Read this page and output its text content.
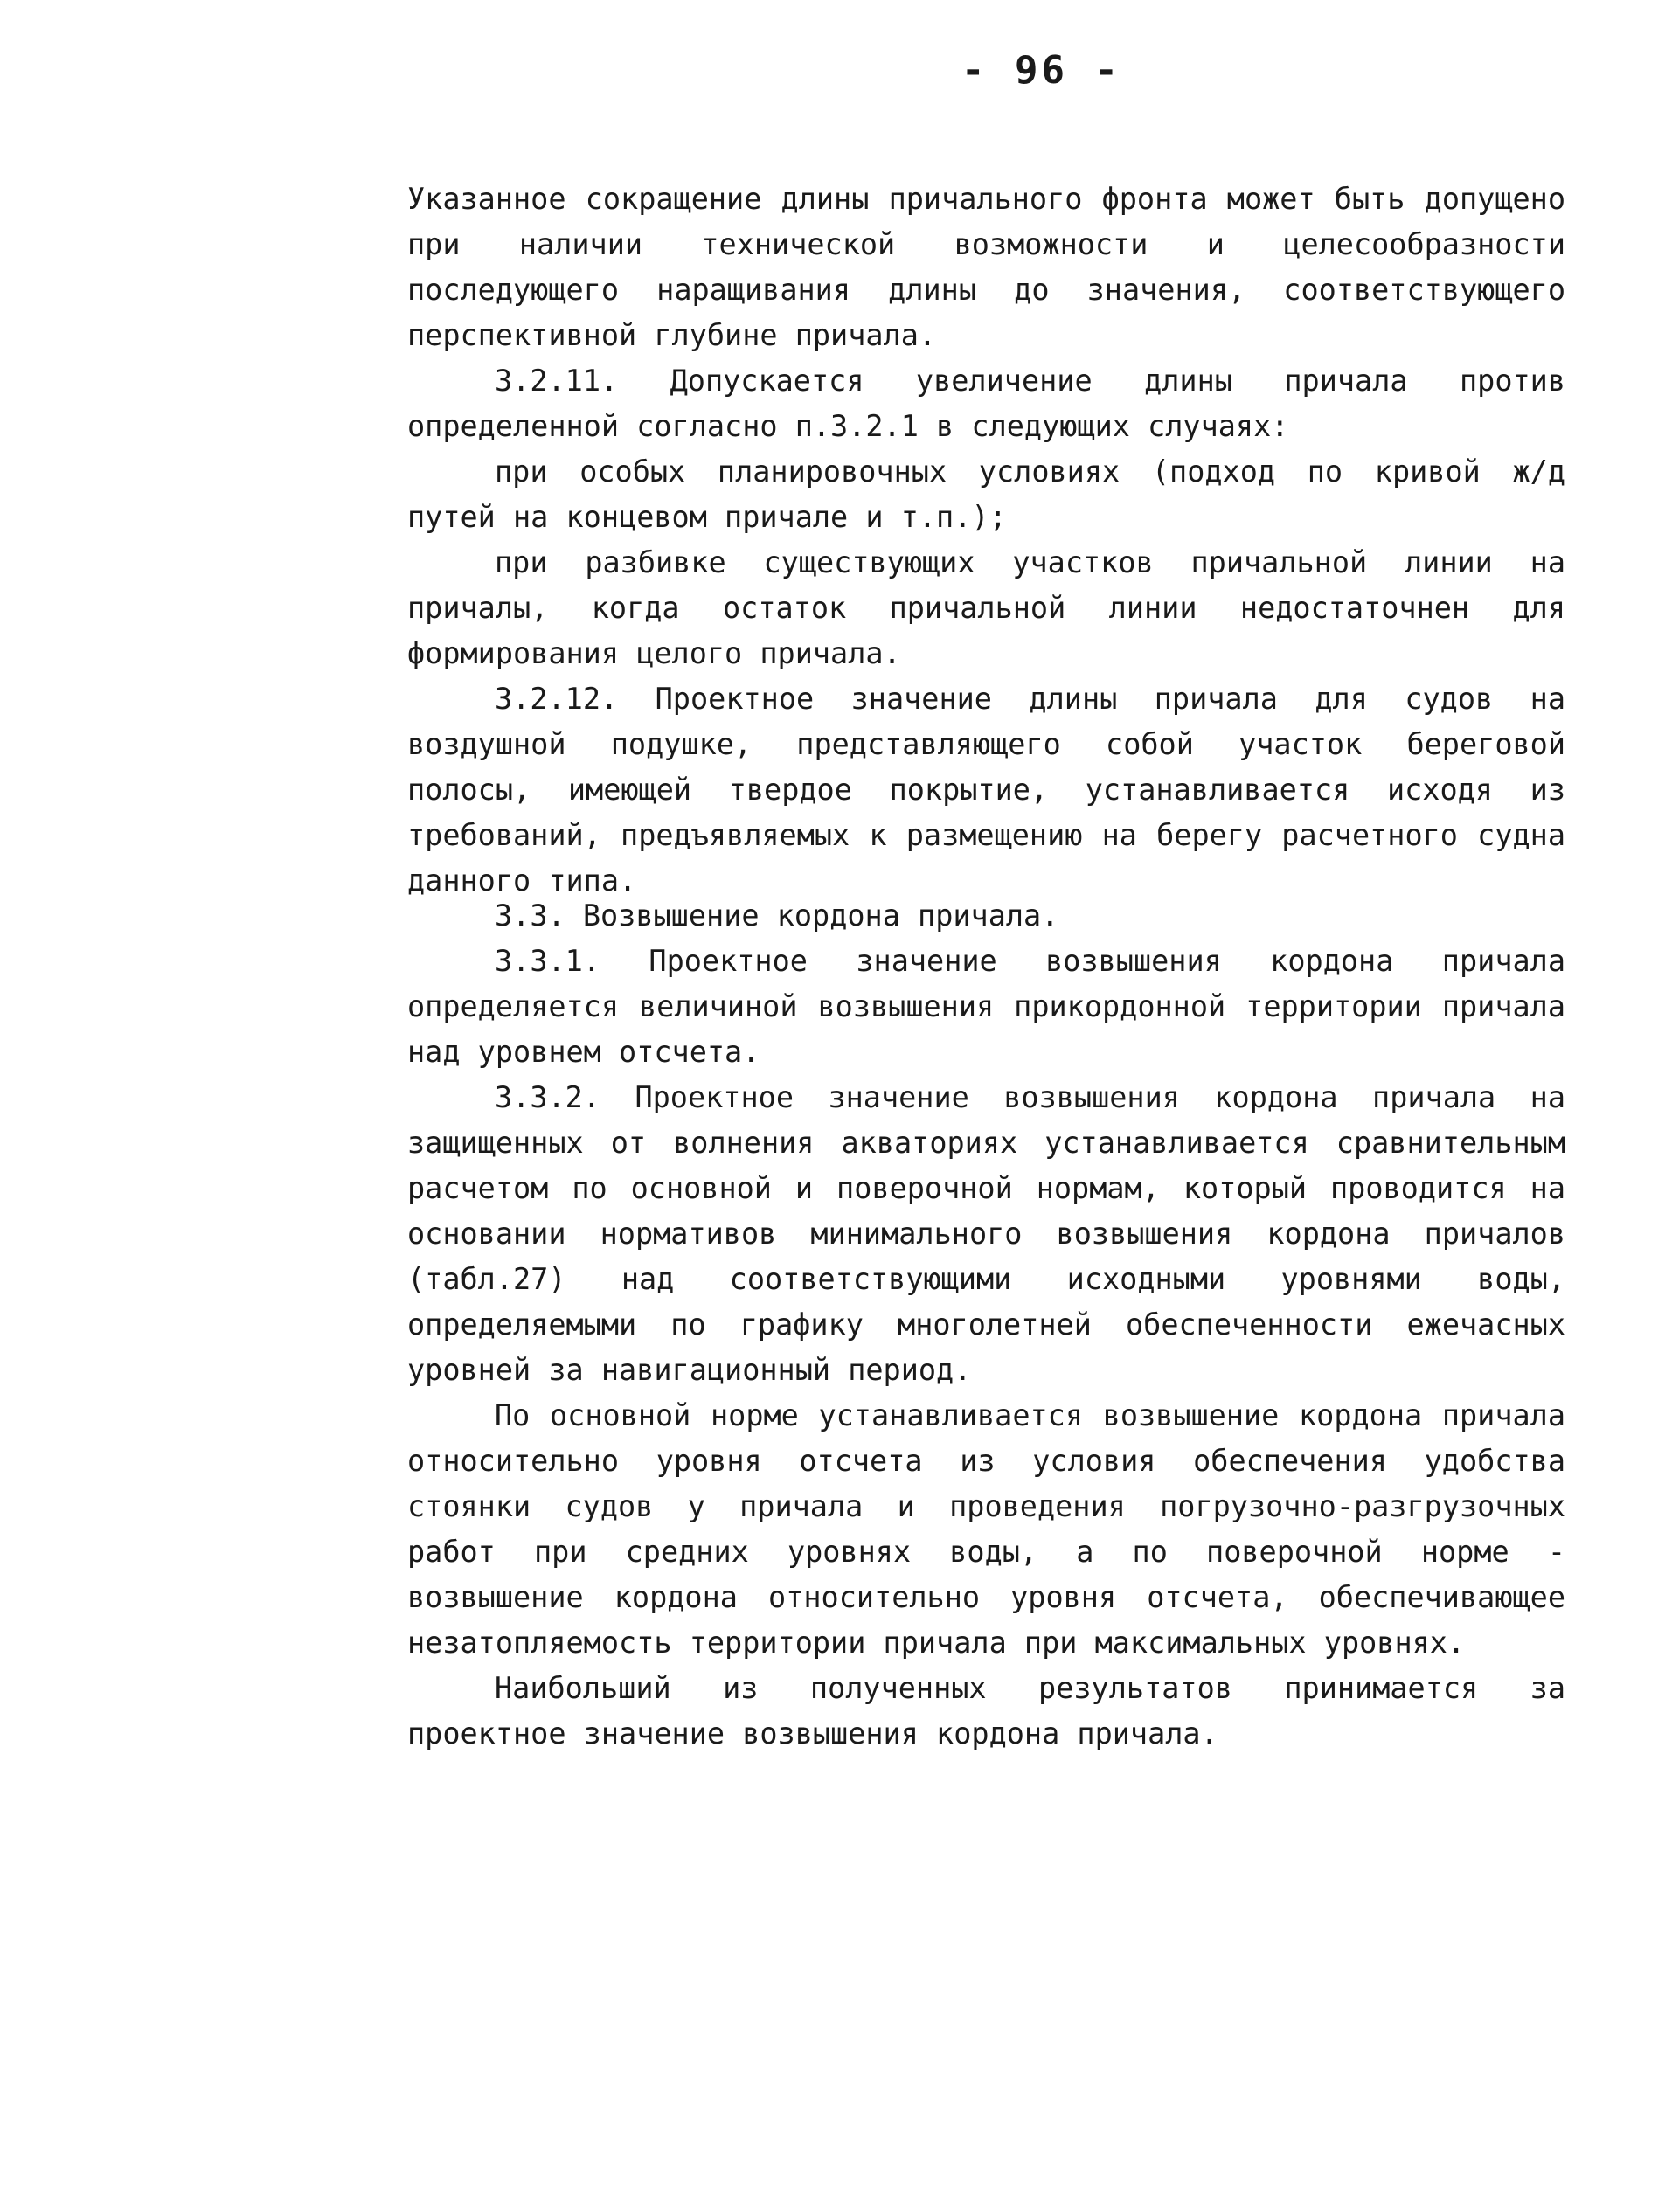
- 96 -

Указанное сокращение длины причального фронта может быть допущено при наличии технической возможности и целесообразности последующего наращивания длины до значения, соответствующего перспективной глубине причала.

3.2.11. Допускается увеличение длины причала против определенной согласно п.3.2.1 в следующих случаях:

при особых планировочных условиях (подход по кривой ж/д путей на концевом причале и т.п.);

при разбивке существующих участков причальной линии на причалы, когда остаток причальной линии недостаточнен для формирования целого причала.

3.2.12. Проектное значение длины причала для судов на воздушной подушке, представляющего собой участок береговой полосы, имеющей твердое покрытие, устанавливается исходя из требований, предъявляемых к размещению на берегу расчетного судна данного типа.

3.3. Возвышение кордона причала.

3.3.1. Проектное значение возвышения кордона причала определяется величиной возвышения прикордонной территории причала над уровнем отсчета.

3.3.2. Проектное значение возвышения кордона причала на защищенных от волнения акваториях устанавливается сравнительным расчетом по основной и поверочной нормам, который проводится на основании нормативов минимального возвышения кордона причалов (табл.27) над соответствующими исходными уровнями воды, определяемыми по графику многолетней обеспеченности ежечасных уровней за навигационный период.

По основной норме устанавливается возвышение кордона причала относительно уровня отсчета из условия обеспечения удобства стоянки судов у причала и проведения погрузочно-разгрузочных работ при средних уровнях воды, а по поверочной норме - возвышение кордона относительно уровня отсчета, обеспечивающее незатопляемость территории причала при максимальных уровнях.

Наибольший из полученных результатов принимается за проектное значение возвышения кордона причала.
